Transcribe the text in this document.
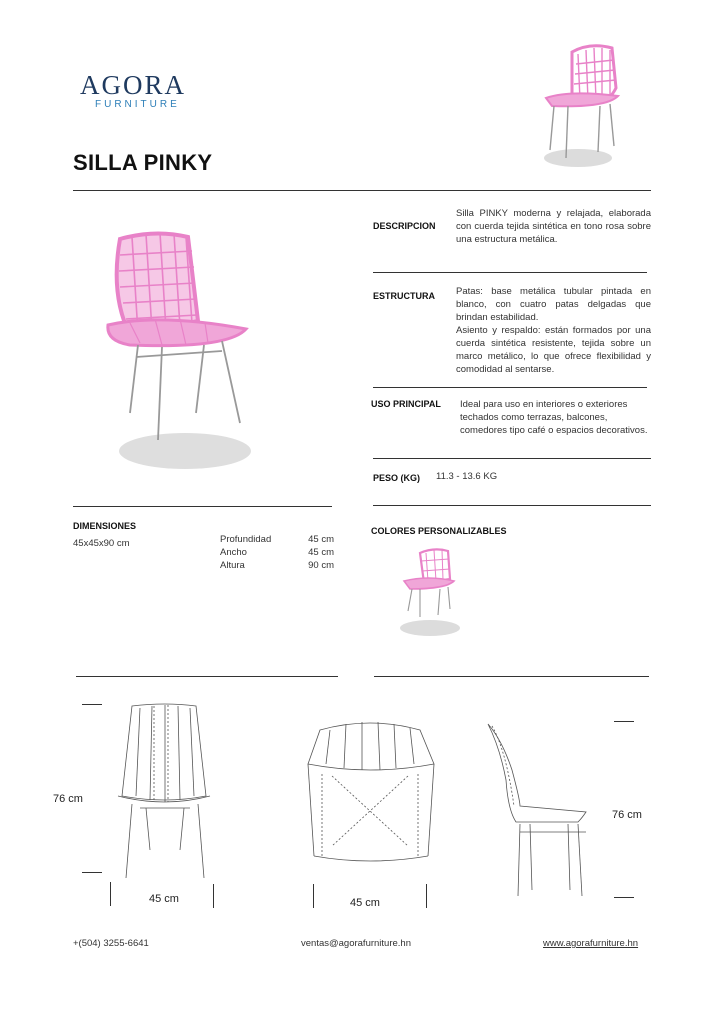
AGORA
FURNITURE
SILLA PINKY
DESCRIPCION
Silla PINKY moderna y relajada, elaborada con cuerda tejida sintética en tono rosa sobre una estructura metálica.
ESTRUCTURA Patas: base metálica tubular pintada en blanco, con cuatro patas delgadas que brindan estabilidad.
Asiento y respaldo: están formados por una cuerda sintética resistente, tejida sobre un marco metálico, lo que ofrece flexibilidad y comodidad al sentarse.
USO PRINCIPAL Ideal para uso en interiores o exteriores techados como terrazas, balcones, comedores tipo café o espacios decorativos.
PESO (KG) 11.3 - 13.6 KG
DIMENSIONES
45x45x90 cm	Profundidad	45 cm
Ancho	45 cm
Altura	90 cm
COLORES PERSONALIZABLES
76 cm
45 cm	45 cm
76 cm
+(504) 3255-6641	ventas@agorafurniture.hn	www.agorafurniture.hn
